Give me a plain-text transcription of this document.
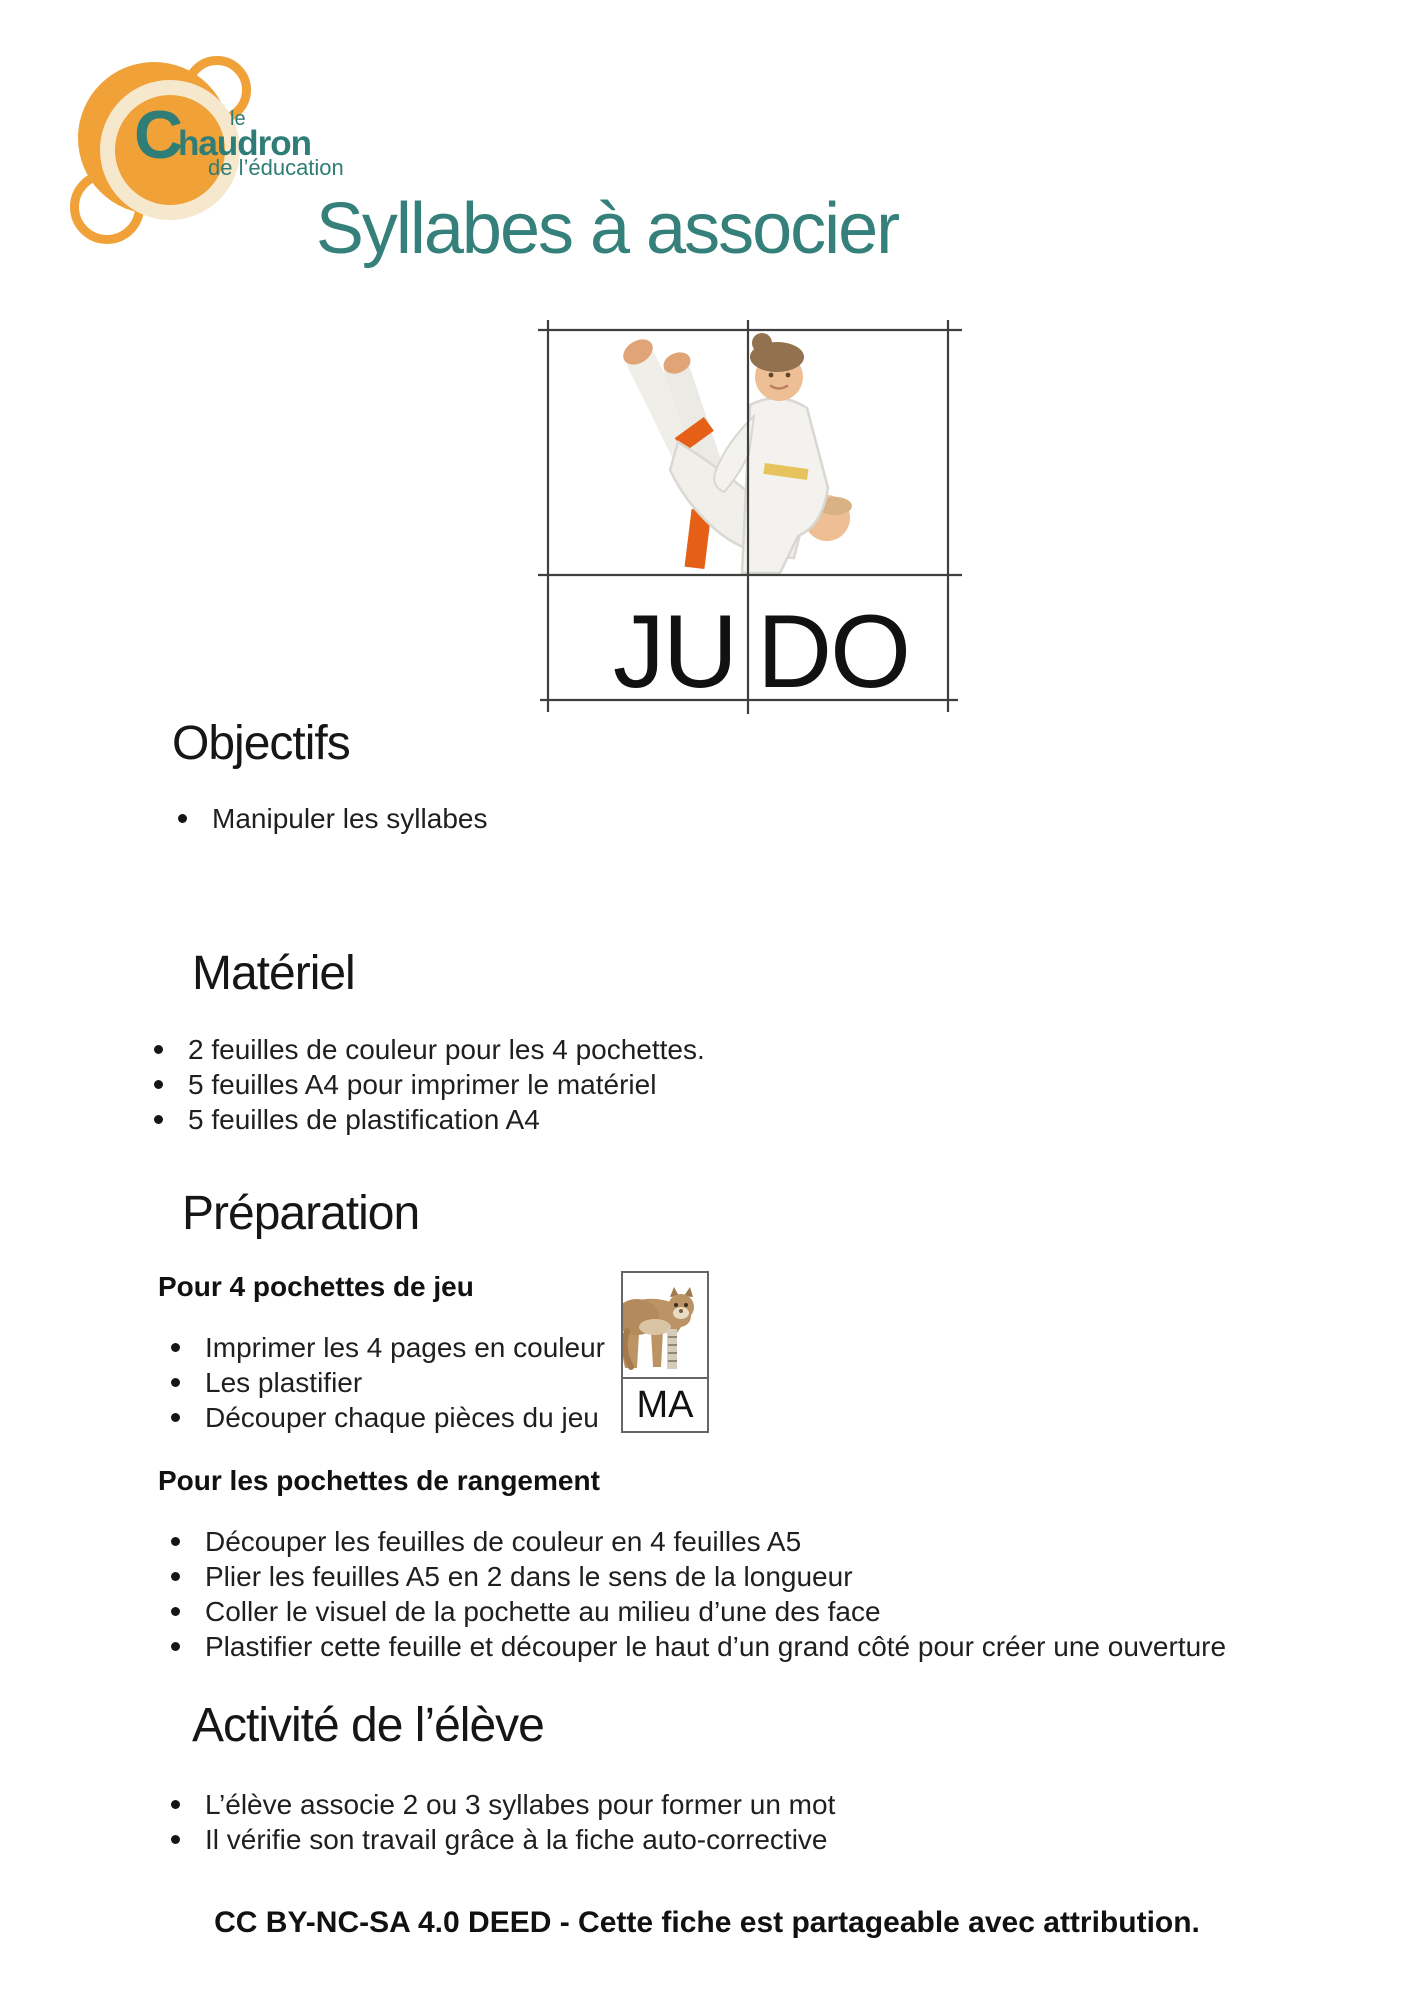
C le
haudron
de l’éducation
Syllabes à associer
JU DO
Objectifs
Manipuler les syllabes
Matériel
2 feuilles de couleur pour les 4 pochettes.
5 feuilles A4 pour imprimer le matériel
5 feuilles de plastification A4
Préparation
Pour 4 pochettes de jeu
Imprimer les 4 pages en couleur
Les plastifier
Découper chaque pièces du jeu MA
Pour les pochettes de rangement
Découper les feuilles de couleur en 4 feuilles A5
Plier les feuilles A5 en 2 dans le sens de la longueur
Coller le visuel de la pochette au milieu d’une des face
Plastifier cette feuille et découper le haut d’un grand côté pour créer une ouverture
Activité de l’élève
L’élève associe 2 ou 3 syllabes pour former un mot
Il vérifie son travail grâce à la fiche auto-corrective
CC BY-NC-SA 4.0 DEED - Cette fiche est partageable avec attribution.
